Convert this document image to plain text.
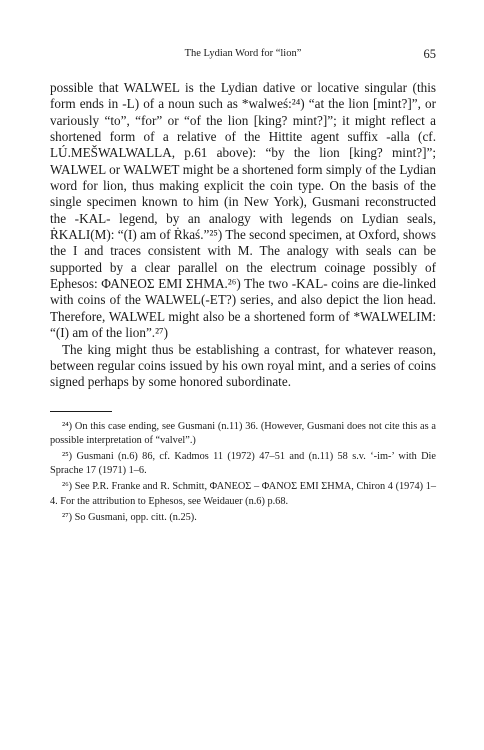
The Lydian Word for “lion”	65

possible that WALWEL is the Lydian dative or locative singular (this form ends in -L) of a noun such as *walweś:²⁴) “at the lion [mint?]”, or variously “to”, “for” or “of the lion [king? mint?]”; it might reflect a shortened form of a relative of the Hittite agent suffix -alla (cf. LÚ.MEŠWALWALLA, p.61 above): “by the lion [king? mint?]”; WALWEL or WALWET might be a shortened form simply of the Lydian word for lion, thus making explicit the coin type. On the basis of the single specimen known to him (in New York), Gusmani reconstructed the -KAL- legend, by an analogy with legends on Lydian seals, ṘKALI(M): “(I) am of Ṙkaś.”²⁵) The second specimen, at Oxford, shows the I and traces consistent with M. The analogy with seals can be supported by a clear parallel on the electrum coinage possibly of Ephesos: ΦΑΝΕΟΣ ΕΜΙ ΣΗΜΑ.²⁶) The two -KAL- coins are die-linked with coins of the WALWEL(-ET?) series, and also depict the lion head. Therefore, WALWEL might also be a shortened form of *WALWELIM: “(I) am of the lion”.²⁷)

The king might thus be establishing a contrast, for whatever reason, between regular coins issued by his own royal mint, and a series of coins signed perhaps by some honored subordinate.

²⁴) On this case ending, see Gusmani (n.11) 36. (However, Gusmani does not cite this as a possible interpretation of “valvel”.)

²⁵) Gusmani (n.6) 86, cf. Kadmos 11 (1972) 47–51 and (n.11) 58 s.v. ‘-im-’ with Die Sprache 17 (1971) 1–6.

²⁶) See P.R. Franke and R. Schmitt, ΦΑΝΕΟΣ – ΦΑΝΟΣ ΕΜΙ ΣΗΜΑ, Chiron 4 (1974) 1–4. For the attribution to Ephesos, see Weidauer (n.6) p.68.

²⁷) So Gusmani, opp. citt. (n.25).
